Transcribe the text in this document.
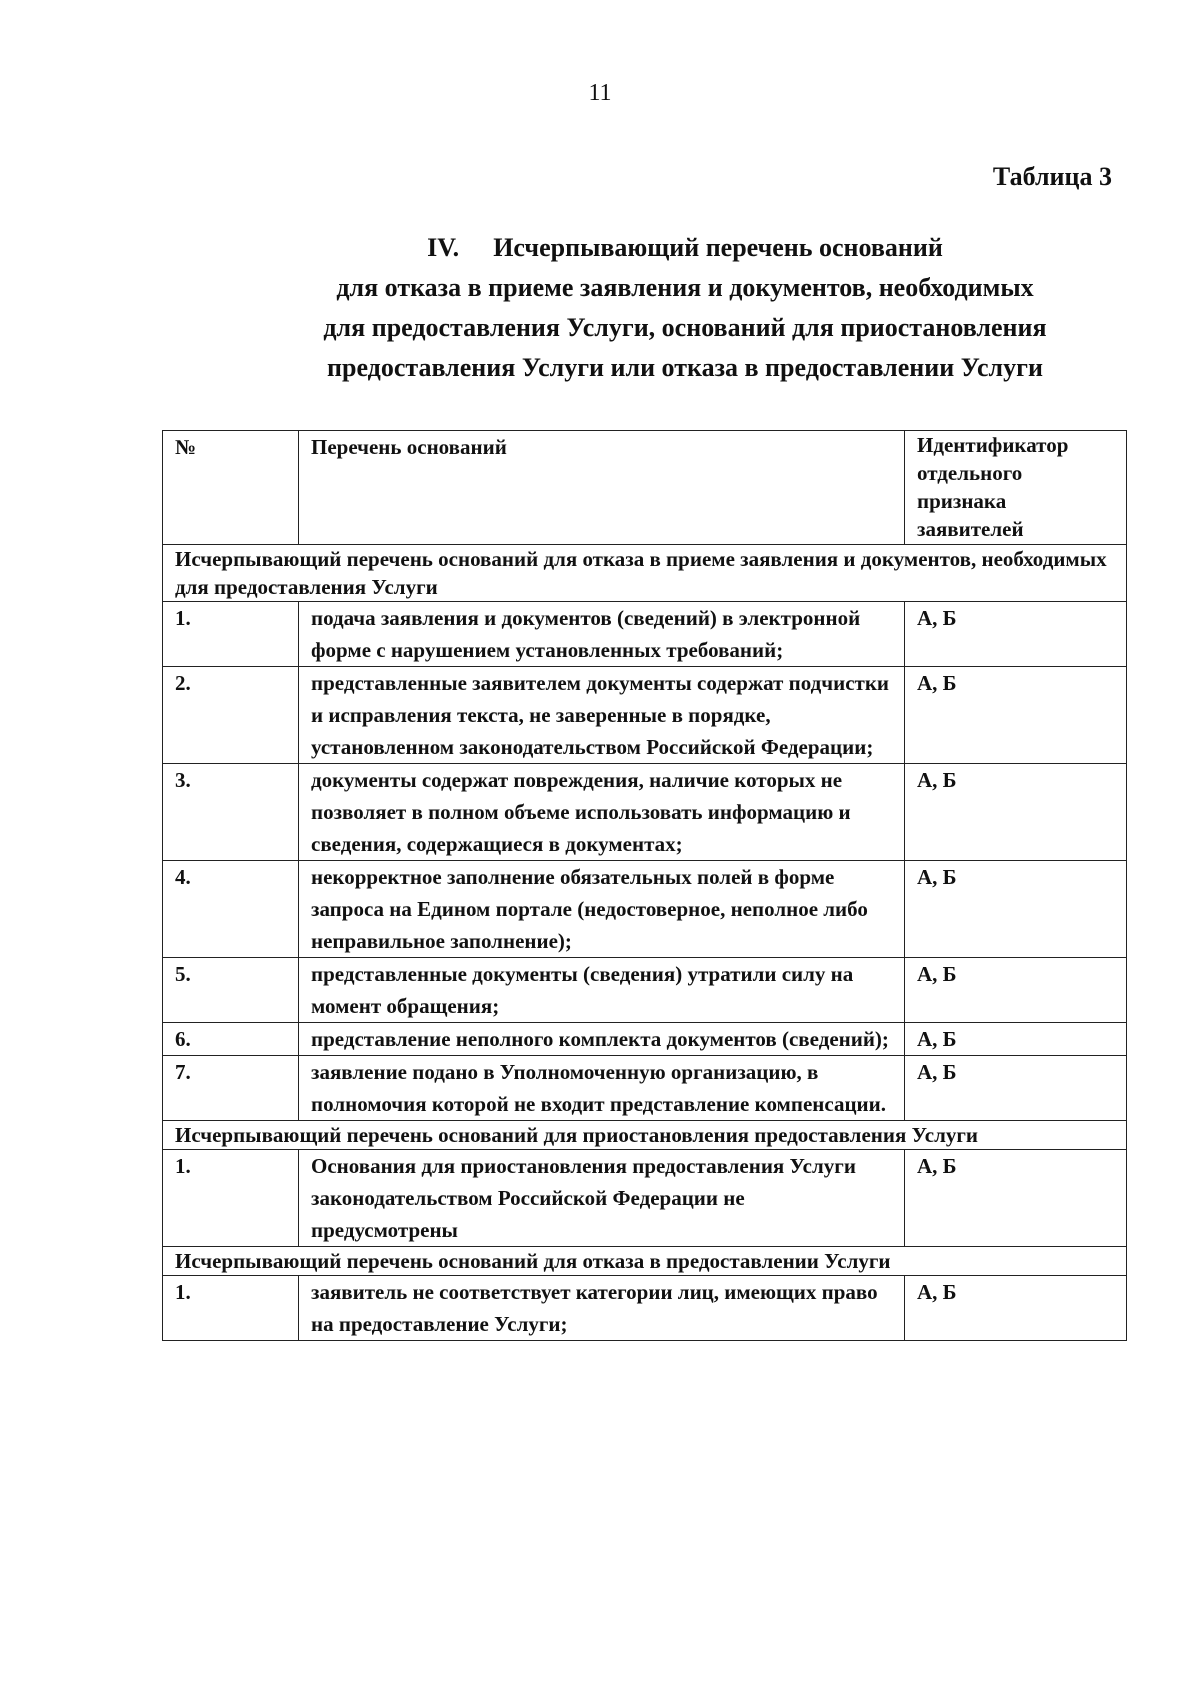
11
Таблица 3
IV. Исчерпывающий перечень оснований
для отказа в приеме заявления и документов, необходимых
для предоставления Услуги, оснований для приостановления
предоставления Услуги или отказа в предоставлении Услуги
№	Перечень оснований	Идентификатор отдельного признака заявителей
Исчерпывающий перечень оснований для отказа в приеме заявления и документов, необходимых для предоставления Услуги		
1.	подача заявления и документов (сведений) в электронной форме с нарушением установленных требований;	А, Б
2.	представленные заявителем документы содержат подчистки и исправления текста, не заверенные в порядке, установленном законодательством Российской Федерации;	А, Б
3.	документы содержат повреждения, наличие которых не позволяет в полном объеме использовать информацию и сведения, содержащиеся в документах;	А, Б
4.	некорректное заполнение обязательных полей в форме запроса на Едином портале (недостоверное, неполное либо неправильное заполнение);	А, Б
5.	представленные документы (сведения) утратили силу на момент обращения;	А, Б
6.	представление неполного комплекта документов (сведений);	А, Б
7.	заявление подано в Уполномоченную организацию, в полномочия которой не входит представление компенсации.	А, Б
Исчерпывающий перечень оснований для приостановления предоставления Услуги		
1.	Основания для приостановления предоставления Услуги законодательством Российской Федерации не предусмотрены	А, Б
Исчерпывающий перечень оснований для отказа в предоставлении Услуги		
1.	заявитель не соответствует категории лиц, имеющих право на предоставление Услуги;	А, Б
